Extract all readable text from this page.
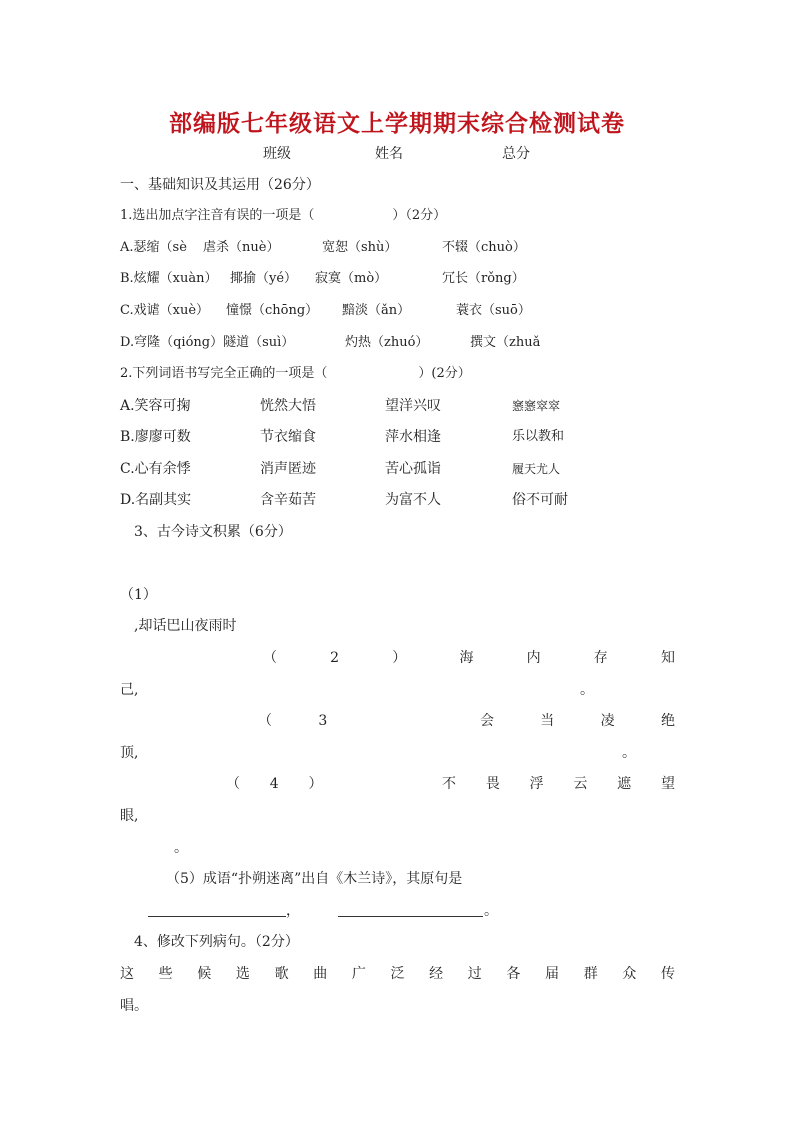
部编版七年级语文上学期期末综合检测试卷
班级	姓名	总分
一、基础知识及其运用（26分）
1.选出加点字注音有误的一项是（　　　　　　）（2分）
A.瑟缩（sè 虐杀（nuè）	宽恕（shù）	不辍（chuò）
B.炫耀（xuàn） 揶揄（yé） 寂寞（mò）	冗长（rǒng）
C.戏谑（xuè） 憧憬（chōng） 黯淡（ǎn）	蓑衣（suō）
D.穹隆（qióng）隧道（suì）	灼热（zhuó）	撰文（zhuǎ
2.下列词语书写完全正确的一项是（　　　　　　　）(2分）
A.笑容可掬	恍然大悟	望洋兴叹	窸窸窣窣
B.廖廖可数	节衣缩食	萍水相逢	乐以教和
C.心有余悸	消声匿迹	苦心孤诣	履天尤人
D.名副其实	含辛茹苦	为富不人	俗不可耐
3、古今诗文积累（6分）
（1）
,却话巴山夜雨时
（	2	）	海	内	存	知
己,	。
（	3	会	当	凌	绝
顶,	。
（ 4 ）	不 畏 浮 云 遮 望
眼,
。
（5）成语“扑朔迷离”出自《木兰诗》，其原句是
，	。
4、修改下列病句。（2分）
这 些 候 选 歌 曲 广 泛 经 过 各 届 群 众 传
唱。
